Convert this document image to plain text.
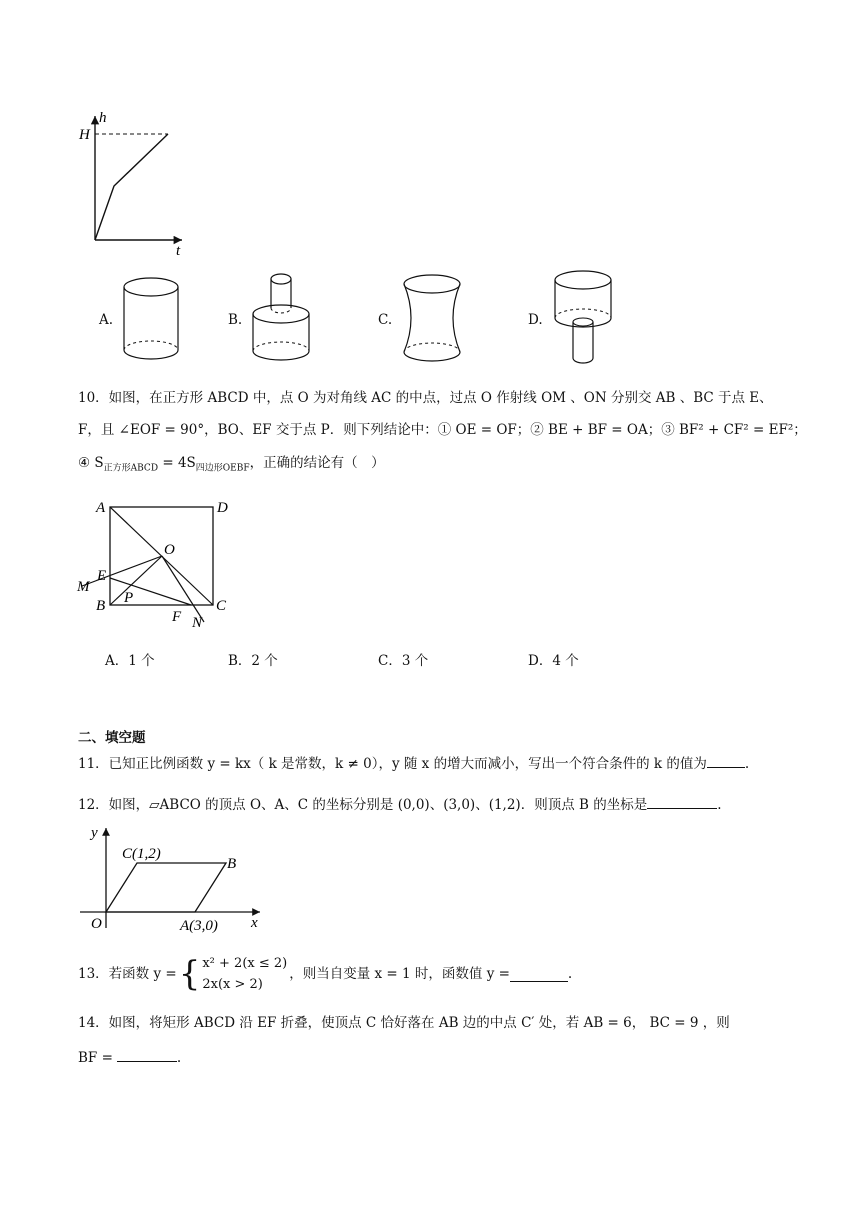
h
H
t
A.	B.	C.	D.
10．如图，在正方形 ABCD 中，点 O 为对角线 AC 的中点，过点 O 作射线 OM 、ON 分别交 AB 、BC 于点 E、
F，且 ∠EOF = 90°，BO、EF 交于点 P．则下列结论中：① OE = OF；② BE + BF = OA；③ BF² + CF² = EF²；
④ $S_{正方形ABCD} = 4S_{四边形OEBF}$，正确的结论有（　）
A	D
O
M
E
B P
F N
C
A．1 个	B．2 个	C．3 个	D．4 个
二、填空题
11．已知正比例函数 y = kx（ k 是常数，k ≠ 0），y 随 x 的增大而减小，写出一个符合条件的 k 的值为	.
12．如图，▱ABCO 的顶点 O、A、C 的坐标分别是 (0,0)、(3,0)、(1,2)．则顶点 B 的坐标是	.
y
x
O
C(1,2)
B
A(3,0)
13．若函数 y = { x² + 2(x ≤ 2)
2x(x > 2)
，则当自变量 x = 1 时，函数值 y =	.
14．如图，将矩形 ABCD 沿 EF 折叠，使顶点 C 恰好落在 AB 边的中点 C′ 处，若 AB = 6， BC = 9 ，则
BF =	.
